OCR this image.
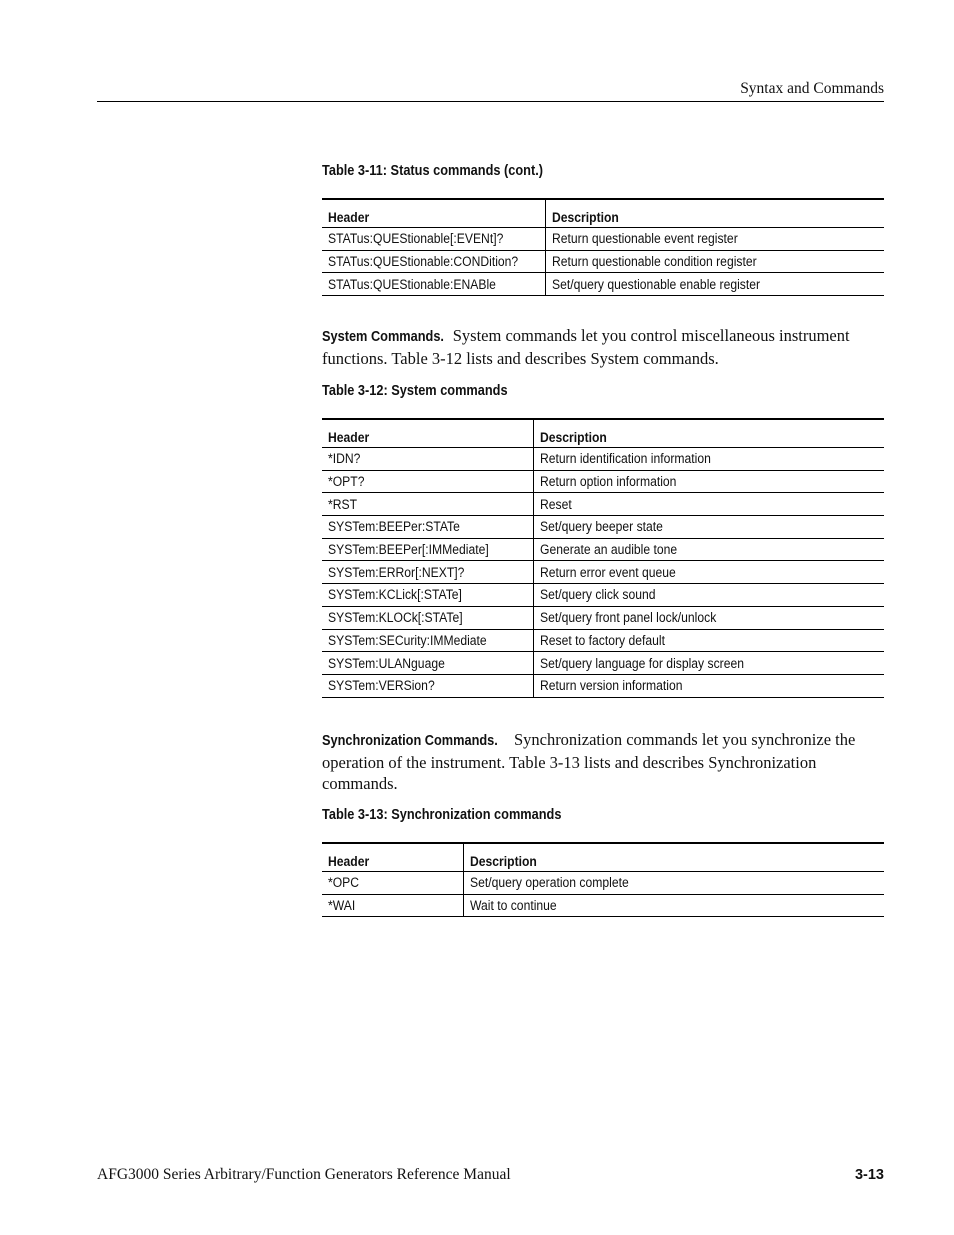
Syntax and Commands
Table 3-11: Status commands (cont.)
Header	Description
STATus:QUEStionable[:EVENt]?	Return questionable event register
STATus:QUEStionable:CONDition?	Return questionable condition register
STATus:QUEStionable:ENABle	Set/query questionable enable register
System Commands. System commands let you control miscellaneous instrument functions. Table 3-12 lists and describes System commands.
Table 3-12: System commands
Header	Description
*IDN?	Return identification information
*OPT?	Return option information
*RST	Reset
SYSTem:BEEPer:STATe	Set/query beeper state
SYSTem:BEEPer[:IMMediate]	Generate an audible tone
SYSTem:ERRor[:NEXT]?	Return error event queue
SYSTem:KCLick[:STATe]	Set/query click sound
SYSTem:KLOCk[:STATe]	Set/query front panel lock/unlock
SYSTem:SECurity:IMMediate	Reset to factory default
SYSTem:ULANguage	Set/query language for display screen
SYSTem:VERSion?	Return version information
Synchronization Commands. Synchronization commands let you synchronize the operation of the instrument. Table 3-13 lists and describes Synchronization commands.
Table 3-13: Synchronization commands
Header	Description
*OPC	Set/query operation complete
*WAI	Wait to continue
AFG3000 Series Arbitrary/Function Generators Reference Manual	3-13
